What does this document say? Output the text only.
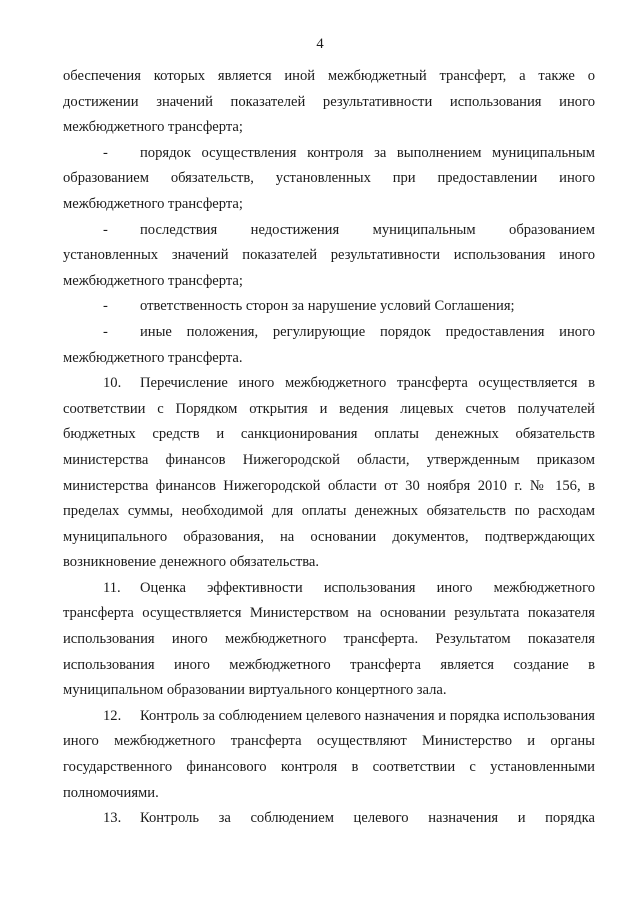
4

обеспечения которых является иной межбюджетный трансферт, а также о достижении значений показателей результативности использования иного межбюджетного трансферта;

-	порядок осуществления контроля за выполнением муниципальным

образованием обязательств, установленных при предоставлении иного межбюджетного трансферта;

-	последствия недостижения муниципальным образованием

установленных значений показателей результативности использования иного межбюджетного трансферта;

-	ответственность сторон за нарушение условий Соглашения;
-	иные положения, регулирующие порядок предоставления иного

межбюджетного трансферта.

10. Перечисление иного межбюджетного трансферта осуществляется в соответствии с Порядком открытия и ведения лицевых счетов получателей бюджетных средств и санкционирования оплаты денежных обязательств министерства финансов Нижегородской области, утвержденным приказом министерства финансов Нижегородской области от 30 ноября 2010 г. № 156, в пределах суммы, необходимой для оплаты денежных обязательств по расходам муниципального образования, на основании документов, подтверждающих возникновение денежного обязательства.

11. Оценка эффективности использования иного межбюджетного трансферта осуществляется Министерством на основании результата показателя использования иного межбюджетного трансферта. Результатом показателя использования иного межбюджетного трансферта является создание в муниципальном образовании виртуального концертного зала.

12. Контроль за соблюдением целевого назначения и порядка использования иного межбюджетного трансферта осуществляют Министерство и органы государственного финансового контроля в соответствии с установленными полномочиями.

13. Контроль за соблюдением целевого назначения и порядка
